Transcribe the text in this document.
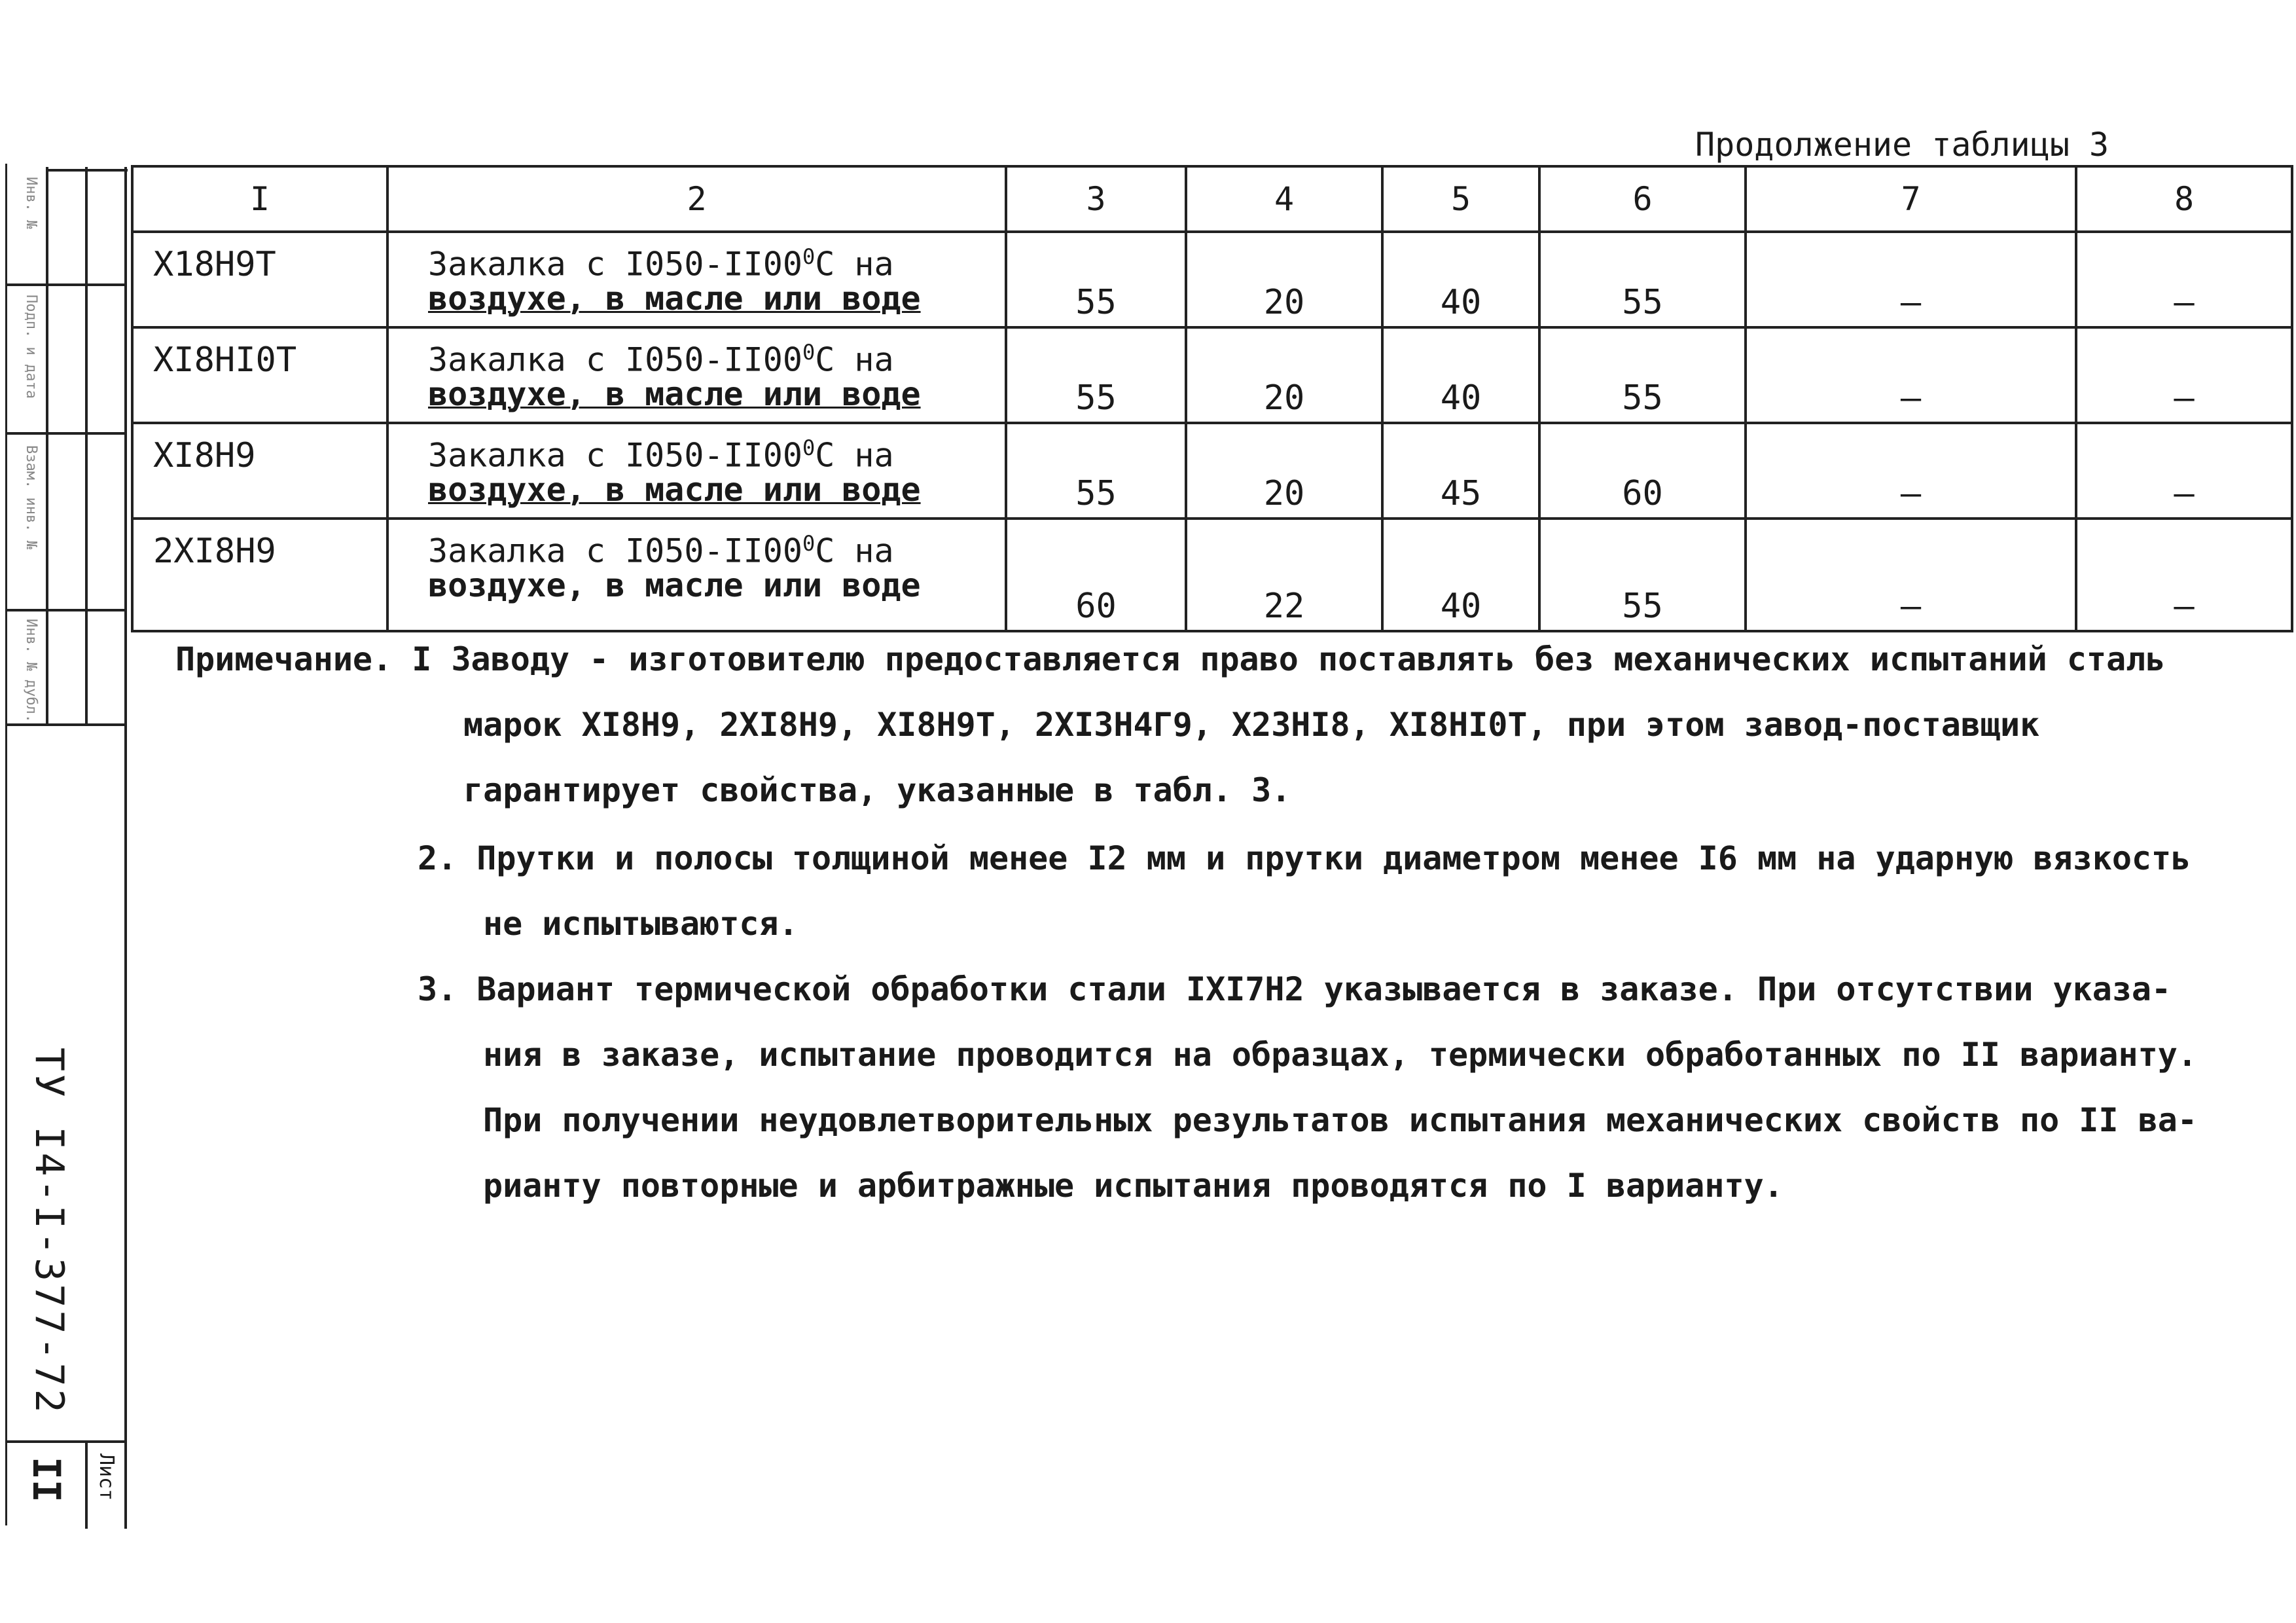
Инв. №
Подп. и дата
Взам. инв. №
Инв. № дубл.
ТУ I4-I-377-72
II Лист
Продолжение таблицы 3
I	2	3	4	5	6	7	8
Х18Н9Т	Закалка с $I050-II00^0С$ на
воздухе, в масле или воде	55	20	40	55	–	–
ХI8НI0Т	Закалка с $I050-II00^0С$ на
воздухе, в масле или воде	55	20	40	55	–	–
ХI8Н9	Закалка с $I050-II00^0С$ на
воздухе, в масле или воде	55	20	45	60	–	–
2ХI8Н9	Закалка с $I050-II00^0С$ на
воздухе, в масле или воде	60	22	40	55	–	–
Примечание. I Заводу - изготовителю предоставляется право поставлять без механических испытаний сталь
марок ХI8Н9, 2ХI8Н9, ХI8Н9Т, 2ХI3Н4Г9, Х23НI8, ХI8НI0Т, при этом завод-поставщик
гарантирует свойства, указанные в табл. 3.
2. Прутки и полосы толщиной менее I2 мм и прутки диаметром менее I6 мм на ударную вязкость
не испытываются.
3. Вариант термической обработки стали IХI7Н2 указывается в заказе. При отсутствии указа-
ния в заказе, испытание проводится на образцах, термически обработанных по II варианту.
При получении неудовлетворительных результатов испытания механических свойств по II ва-
рианту повторные и арбитражные испытания проводятся по I варианту.
